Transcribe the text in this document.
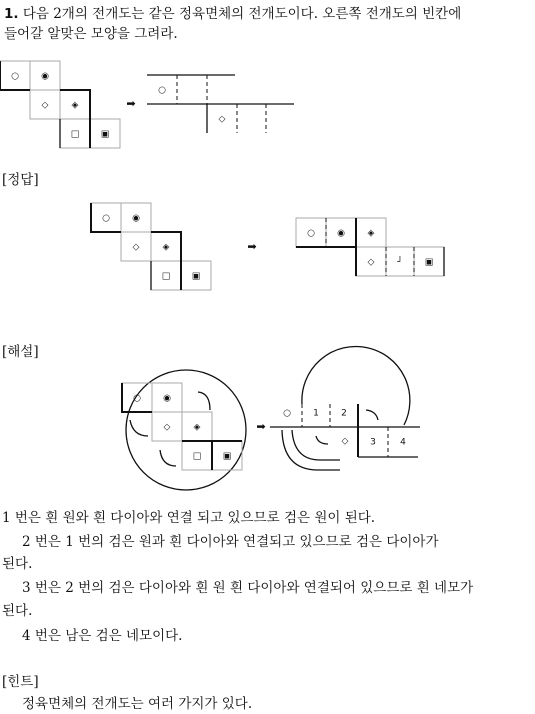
1. 다음 2개의 전개도는 같은 정육면체의 전개도이다. 오른쪽 전개도의 빈칸에

들어갈 알맞은 모양을 그려라.

○ ◉
◇	◈
□ ▣
➡
○
◇
○ ◉
◇	◈
□ ▣
➡
○ ◉	◈
◇	┘ ▣
○ ◉
◇	◈
□ ▣
➡
○ 1 2
◇ 3	4

[정답]

[해설]

1 번은 흰 원와 흰 다이아와 연결 되고 있으므로 검은 원이 된다.

2 번은 1 번의 검은 원과 흰 다이아와 연결되고 있으므로 검은 다이아가

된다.

3 번은 2 번의 검은 다이아와 흰 원 흰 다이아와 연결되어 있으므로 흰 네모가

된다.

4 번은 남은 검은 네모이다.

[힌트]

정육면체의 전개도는 여러 가지가 있다.
